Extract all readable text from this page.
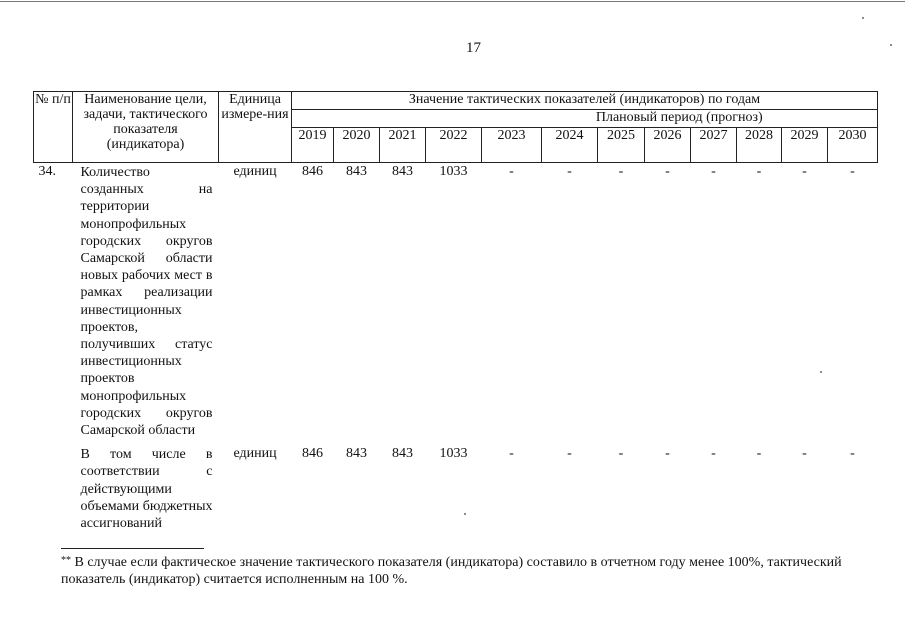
17
№ п/п	Наименование цели, задачи, тактического показателя (индикатора)	Единица измере-ния	Значение тактических показателей (индикаторов) по годам											
							Плановый период (прогноз)							
			2019	2020	2021	2022	2023	2024	2025	2026	2027	2028	2029	2030
34.	Количество созданных на территории монопрофильных городских округов Самарской области новых рабочих мест в рамках реализации инвестиционных проектов, получивших статус инвестиционных проектов монопрофильных городских округов Самарской области	единиц	846	843	843	1033	-	-	-	-	-	-	-	-
	В том числе в соответствии с действующими объемами бюджетных ассигнований	единиц	846	843	843	1033	-	-	-	-	-	-	-	-
** В случае если фактическое значение тактического показателя (индикатора) составило в отчетном году менее 100%, тактический показатель (индикатор) считается исполненным на 100 %.
